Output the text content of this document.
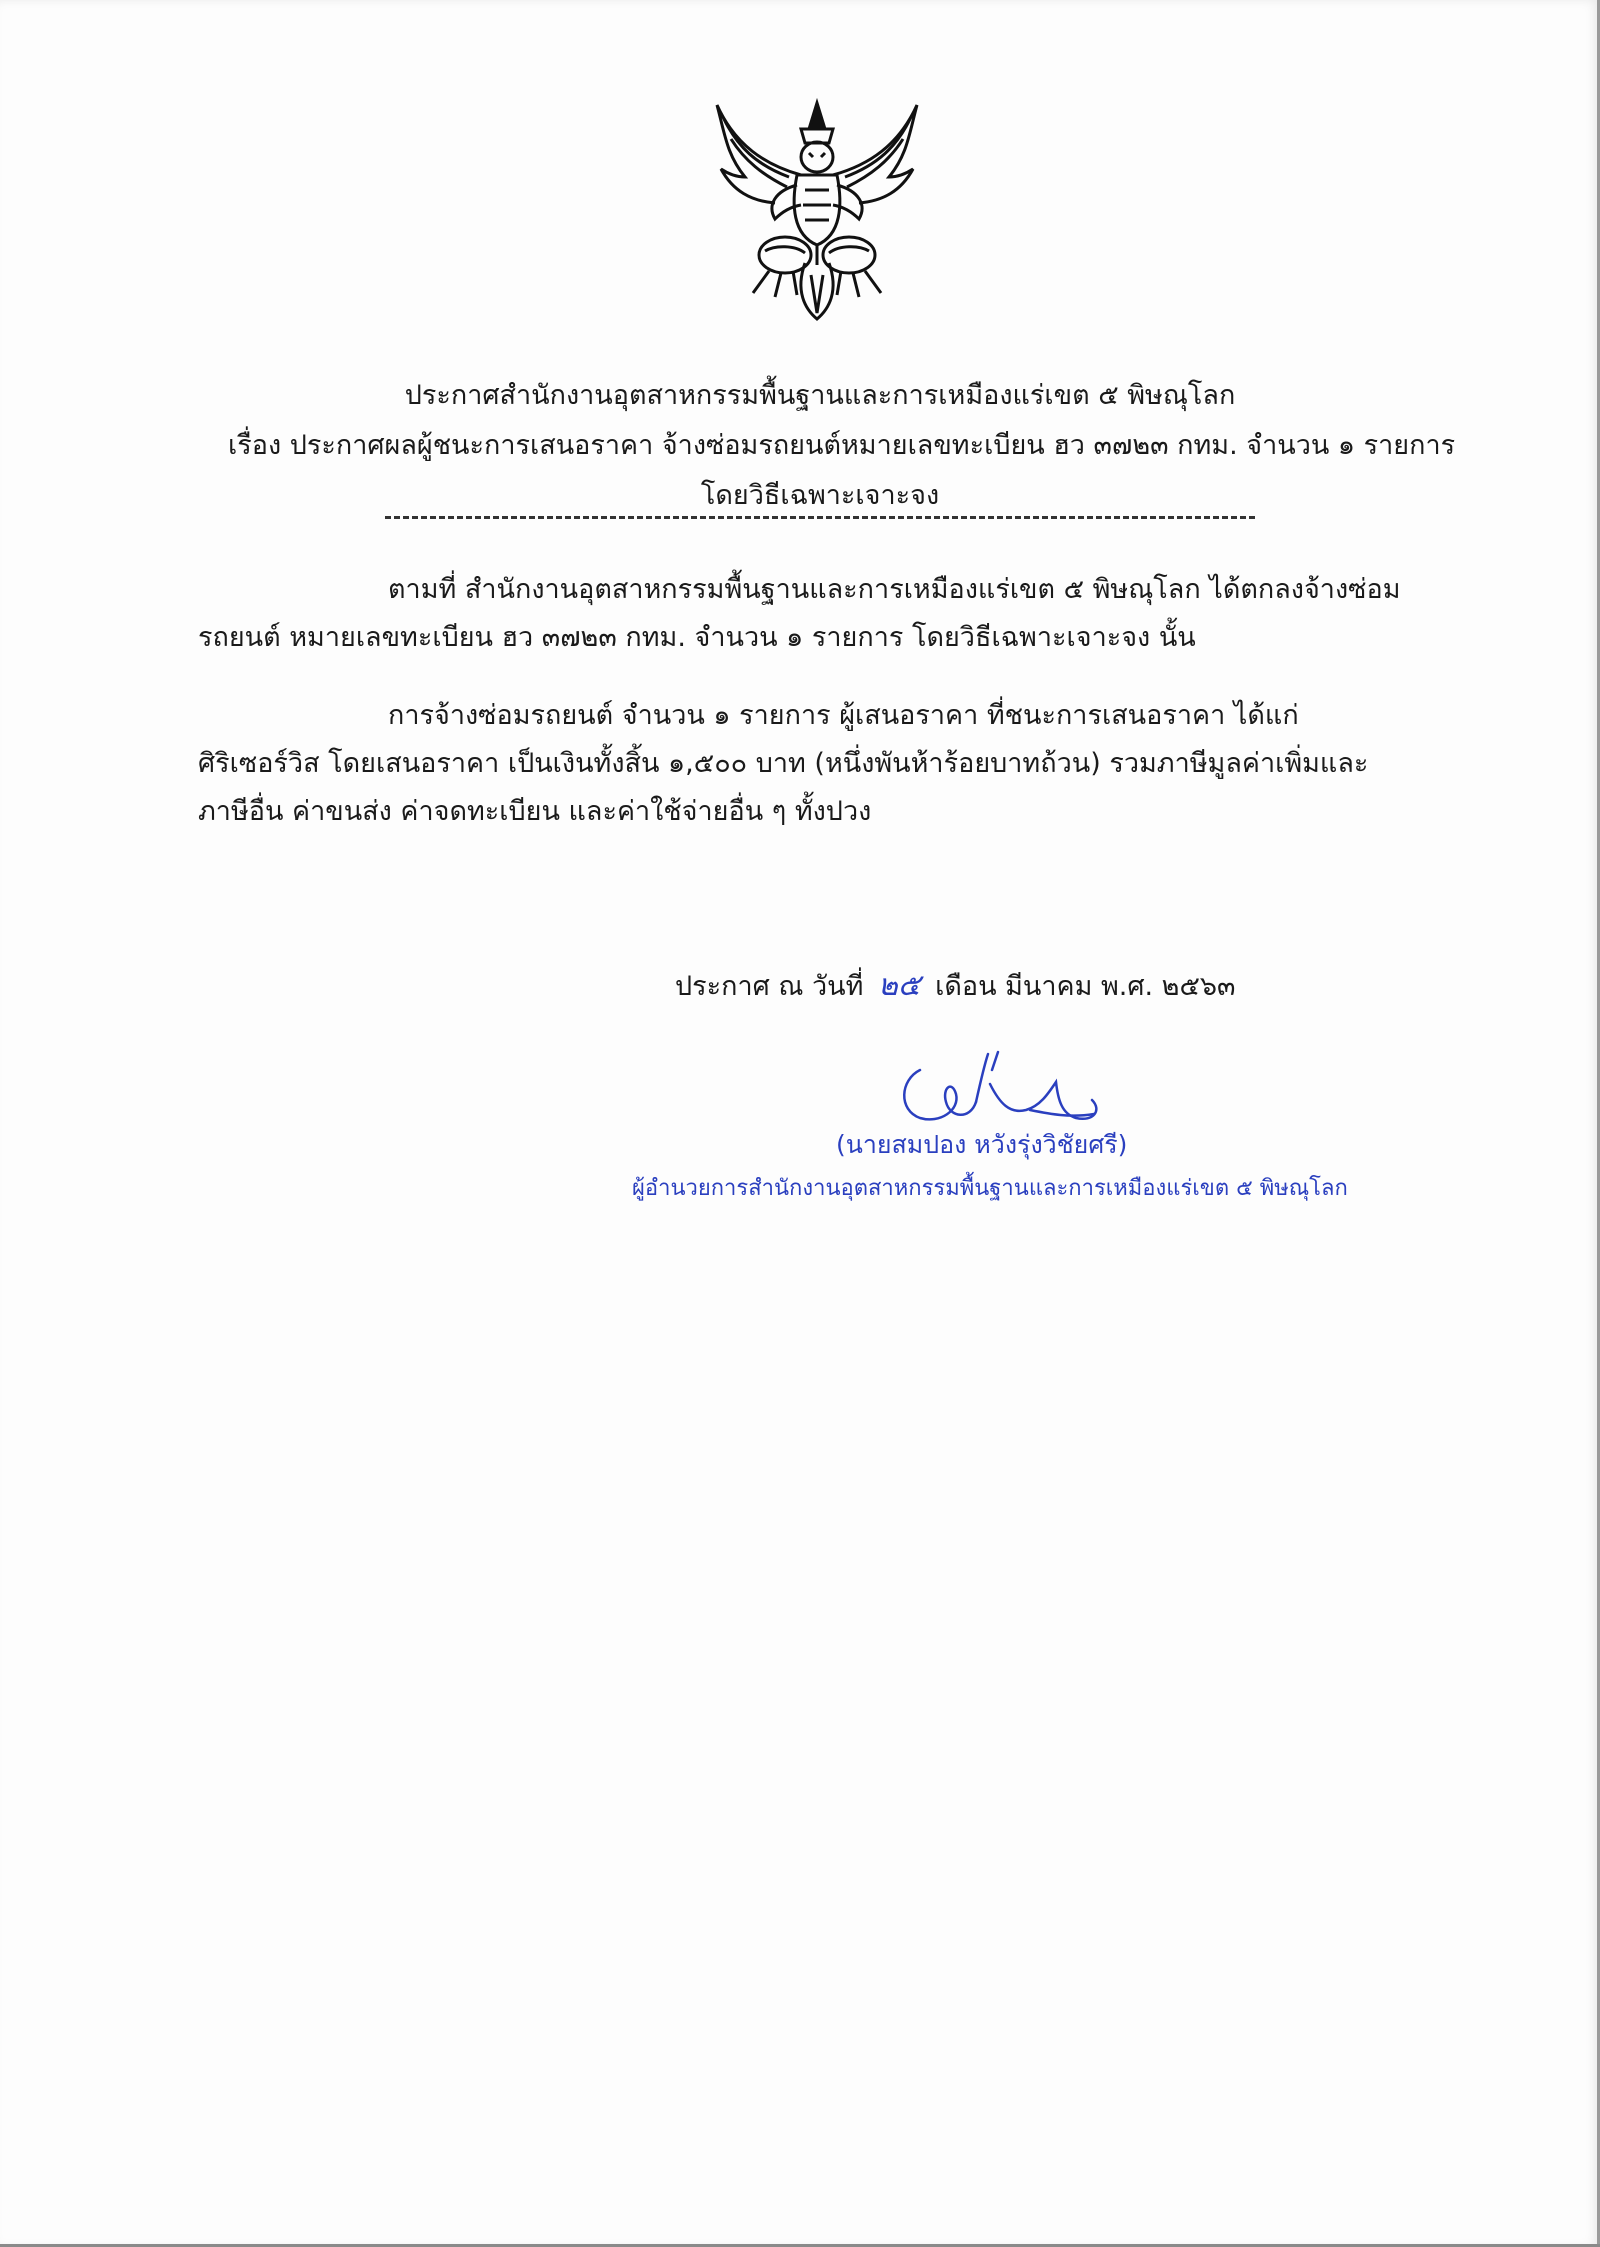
ประกาศสำนักงานอุตสาหกรรมพื้นฐานและการเหมืองแร่เขต ๕ พิษณุโลก
เรื่อง ประกาศผลผู้ชนะการเสนอราคา จ้างซ่อมรถยนต์หมายเลขทะเบียน ฮว ๓๗๒๓ กทม. จำนวน ๑ รายการ
โดยวิธีเฉพาะเจาะจง
ตามที่ สำนักงานอุตสาหกรรมพื้นฐานและการเหมืองแร่เขต ๕ พิษณุโลก ได้ตกลงจ้างซ่อม
รถยนต์ หมายเลขทะเบียน ฮว ๓๗๒๓ กทม. จำนวน ๑ รายการ โดยวิธีเฉพาะเจาะจง นั้น
การจ้างซ่อมรถยนต์ จำนวน ๑ รายการ ผู้เสนอราคา ที่ชนะการเสนอราคา ได้แก่
ศิริเซอร์วิส โดยเสนอราคา เป็นเงินทั้งสิ้น ๑,๕๐๐ บาท (หนึ่งพันห้าร้อยบาทถ้วน) รวมภาษีมูลค่าเพิ่มและ
ภาษีอื่น ค่าขนส่ง ค่าจดทะเบียน และค่าใช้จ่ายอื่น ๆ ทั้งปวง
ประกาศ ณ วันที่ ๒๕ เดือน มีนาคม พ.ศ. ๒๕๖๓
(นายสมปอง หวังรุ่งวิชัยศรี)
ผู้อำนวยการสำนักงานอุตสาหกรรมพื้นฐานและการเหมืองแร่เขต ๕ พิษณุโลก
